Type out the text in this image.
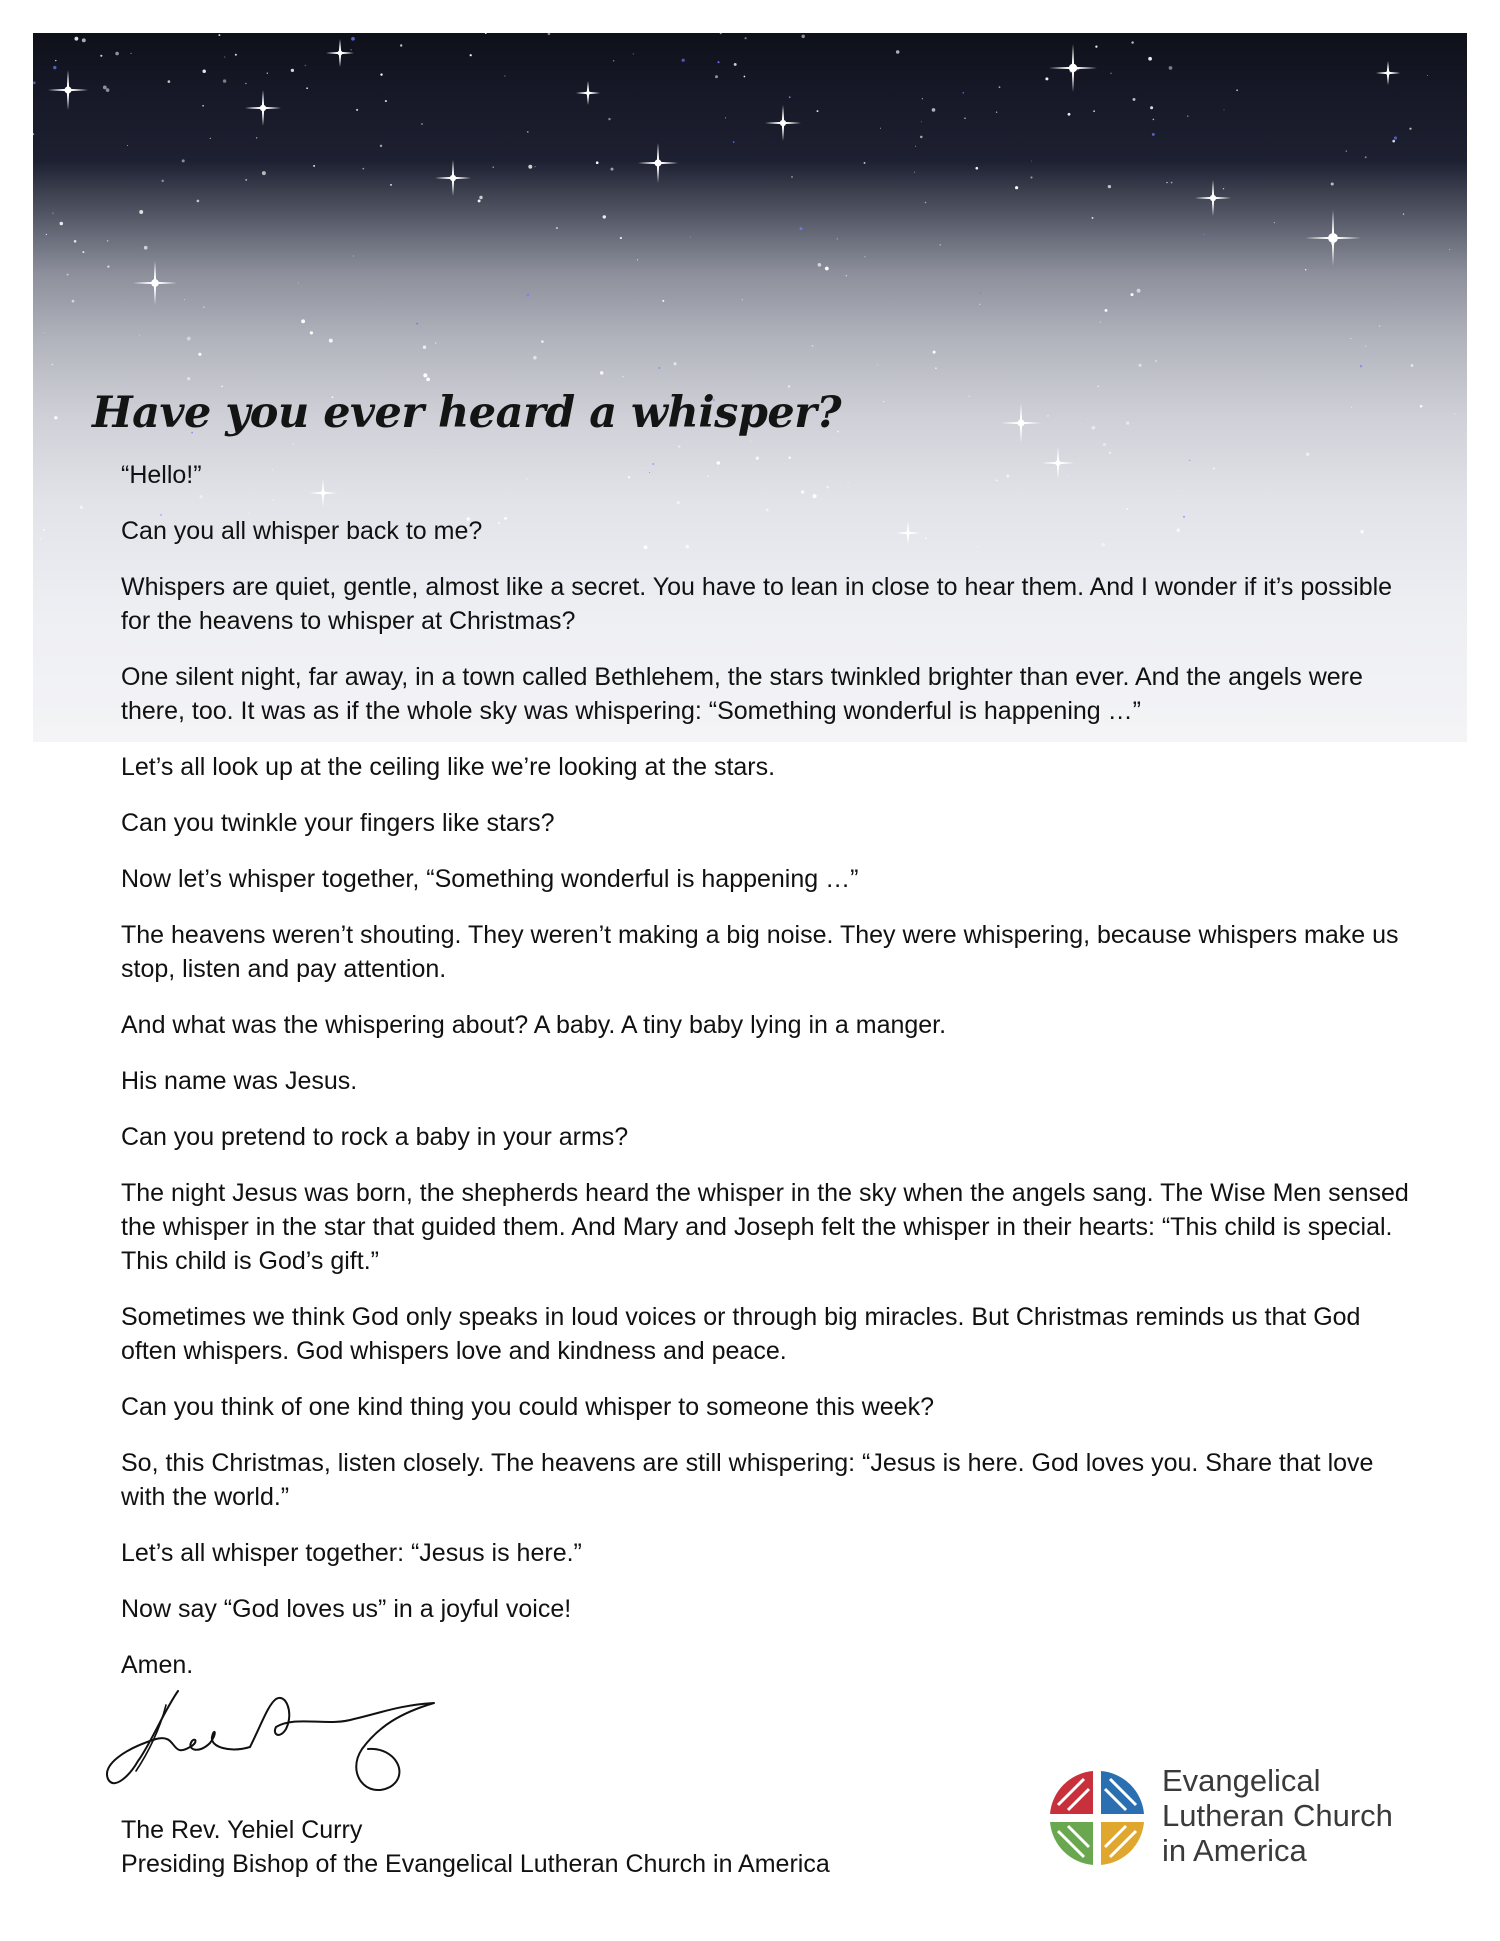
Have you ever heard a whisper?

“Hello!”

Can you all whisper back to me?

Whispers are quiet, gentle, almost like a secret. You have to lean in close to hear them. And I wonder if it’s possible for the heavens to whisper at Christmas?

One silent night, far away, in a town called Bethlehem, the stars twinkled brighter than ever. And the angels were there, too. It was as if the whole sky was whispering: “Something wonderful is happening …”

Let’s all look up at the ceiling like we’re looking at the stars.

Can you twinkle your fingers like stars?

Now let’s whisper together, “Something wonderful is happening …”

The heavens weren’t shouting. They weren’t making a big noise. They were whispering, because whispers make us stop, listen and pay attention.

And what was the whispering about? A baby. A tiny baby lying in a manger.

His name was Jesus.

Can you pretend to rock a baby in your arms?

The night Jesus was born, the shepherds heard the whisper in the sky when the angels sang. The Wise Men sensed the whisper in the star that guided them. And Mary and Joseph felt the whisper in their hearts: “This child is special. This child is God’s gift.”

Sometimes we think God only speaks in loud voices or through big miracles. But Christmas reminds us that God often whispers. God whispers love and kindness and peace.

Can you think of one kind thing you could whisper to someone this week?

So, this Christmas, listen closely. The heavens are still whispering: “Jesus is here. God loves you. Share that love with the world.”

Let’s all whisper together: “Jesus is here.”

Now say “God loves us” in a joyful voice!

Amen.

The Rev. Yehiel Curry
Presiding Bishop of the Evangelical Lutheran Church in America
Evangelical
Lutheran Church
in America
